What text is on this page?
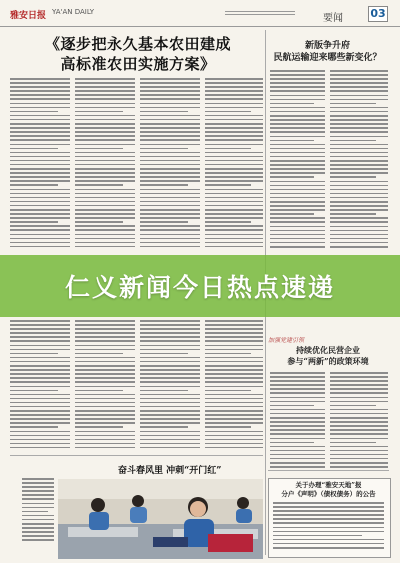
雅安日报 YA'AN DAILY
要闻 03
《逐步把永久基本农田建成
高标准农田实施方案》
新版争升府
民航运输迎来哪些新变化？
仁义新闻今日热点速递
加强党建引领
持续优化民营企业
参与“两新”的政策环境
奋斗春风里 冲刺“开门红”
关于办理“雅安天地”报
分户《声明》（债权债务）的公告
